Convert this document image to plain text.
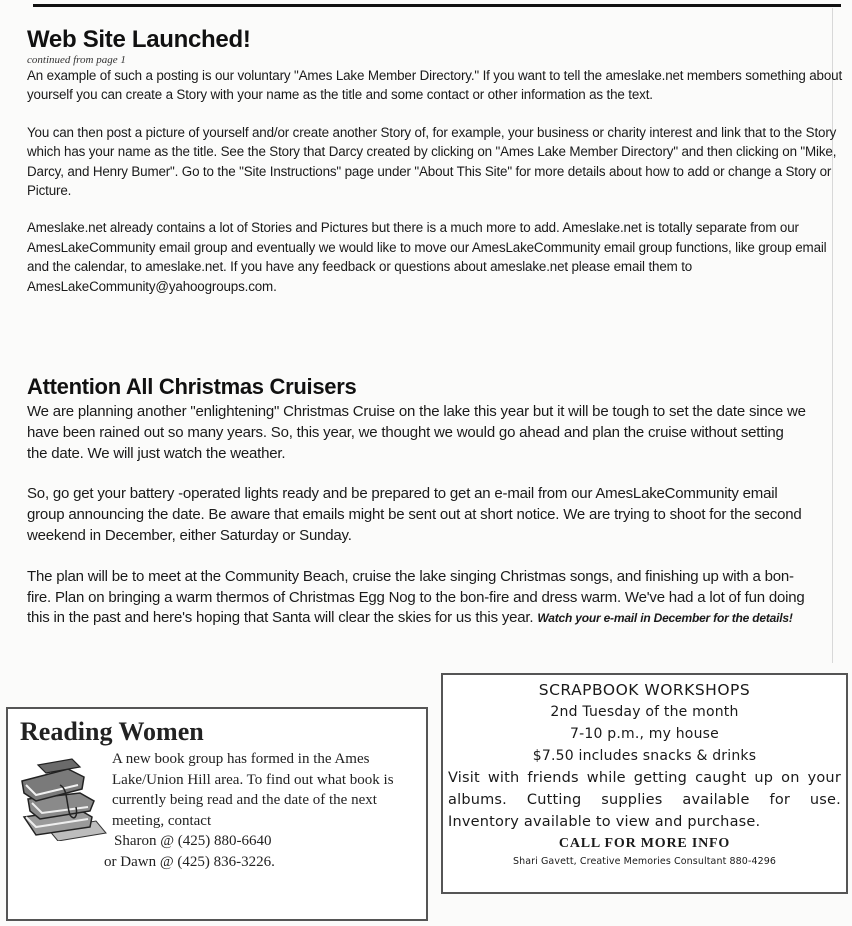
Web Site Launched!

continued from page 1

An example of such a posting is our voluntary "Ames Lake Member Directory." If you want to tell the ameslake.net members something about yourself you can create a Story with your name as the title and some contact or other information as the text.

You can then post a picture of yourself and/or create another Story of, for example, your business or charity interest and link that to the Story which has your name as the title. See the Story that Darcy created by clicking on "Ames Lake Member Directory" and then clicking on "Mike, Darcy, and Henry Bumer". Go to the "Site Instructions" page under "About This Site" for more details about how to add or change a Story or Picture.

Ameslake.net already contains a lot of Stories and Pictures but there is a much more to add. Ameslake.net is totally separate from our AmesLakeCommunity email group and eventually we would like to move our AmesLakeCommunity email group functions, like group email and the calendar, to ameslake.net. If you have any feedback or questions about ameslake.net please email them to AmesLakeCommunity@yahoogroups.com.

Attention All Christmas Cruisers

We are planning another "enlightening" Christmas Cruise on the lake this year but it will be tough to set the date since we have been rained out so many years. So, this year, we thought we would go ahead and plan the cruise without setting the date. We will just watch the weather.

So, go get your battery -operated lights ready and be prepared to get an e-mail from our AmesLakeCommunity email group announcing the date. Be aware that emails might be sent out at short notice. We are trying to shoot for the second weekend in December, either Saturday or Sunday.

The plan will be to meet at the Community Beach, cruise the lake singing Christmas songs, and finishing up with a bon-fire. Plan on bringing a warm thermos of Christmas Egg Nog to the bon-fire and dress warm. We've had a lot of fun doing this in the past and here's hoping that Santa will clear the skies for us this year. Watch your e-mail in December for the details!

Reading Women

A new book group has formed in the Ames Lake/Union Hill area. To find out what book is currently being read and the date of the next meeting, contact

Sharon @ (425) 880-6640

or Dawn @ (425) 836-3226.

SCRAPBOOK WORKSHOPS

2nd Tuesday of the month

7-10 p.m., my house

$7.50 includes snacks & drinks

Visit with friends while getting caught up on your albums. Cutting supplies available for use. Inventory available to view and purchase.

CALL FOR MORE INFO

Shari Gavett, Creative Memories Consultant 880-4296
